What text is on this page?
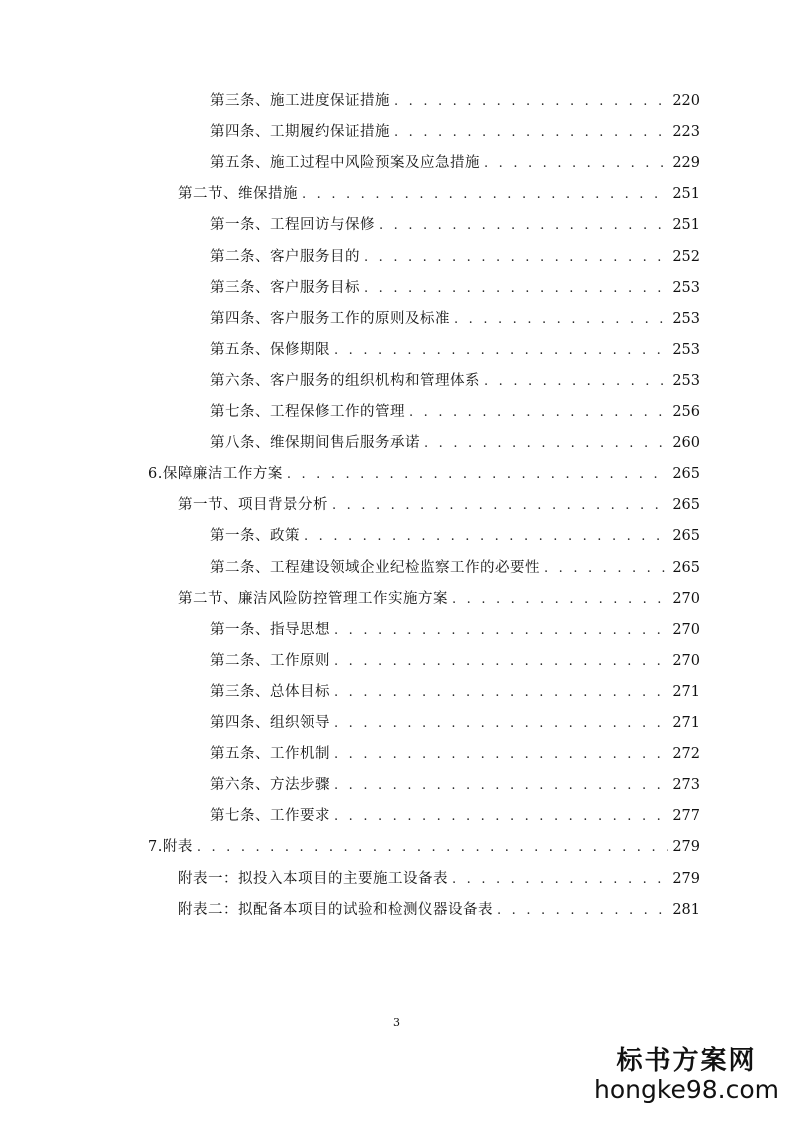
第三条、施工进度保证措施 . . .	220
第四条、工期履约保证措施 . . .	223
第五条、施工过程中风险预案及应急措施 . . .	229
第二节、维保措施 . . .	251
第一条、工程回访与保修 . . .	251
第二条、客户服务目的 . . .	252
第三条、客户服务目标 . . .	253
第四条、客户服务工作的原则及标准 . . .	253
第五条、保修期限 . . .	253
第六条、客户服务的组织机构和管理体系 . . .	253
第七条、工程保修工作的管理 . . .	256
第八条、维保期间售后服务承诺 . . .	260
6.保障廉洁工作方案 . . .	265
第一节、项目背景分析 . . .	265
第一条、政策 . . .	265
第二条、工程建设领域企业纪检监察工作的必要性 . . .	265
第二节、廉洁风险防控管理工作实施方案 . . .	270
第一条、指导思想 . . .	270
第二条、工作原则 . . .	270
第三条、总体目标 . . .	271
第四条、组织领导 . . .	271
第五条、工作机制 . . .	272
第六条、方法步骤 . . .	273
第七条、工作要求 . . .	277
7.附表 . . .	279
附表一：拟投入本项目的主要施工设备表 . . .	279
附表二：拟配备本项目的试验和检测仪器设备表 . . .	281
3
标书方案网
hongke98.com
